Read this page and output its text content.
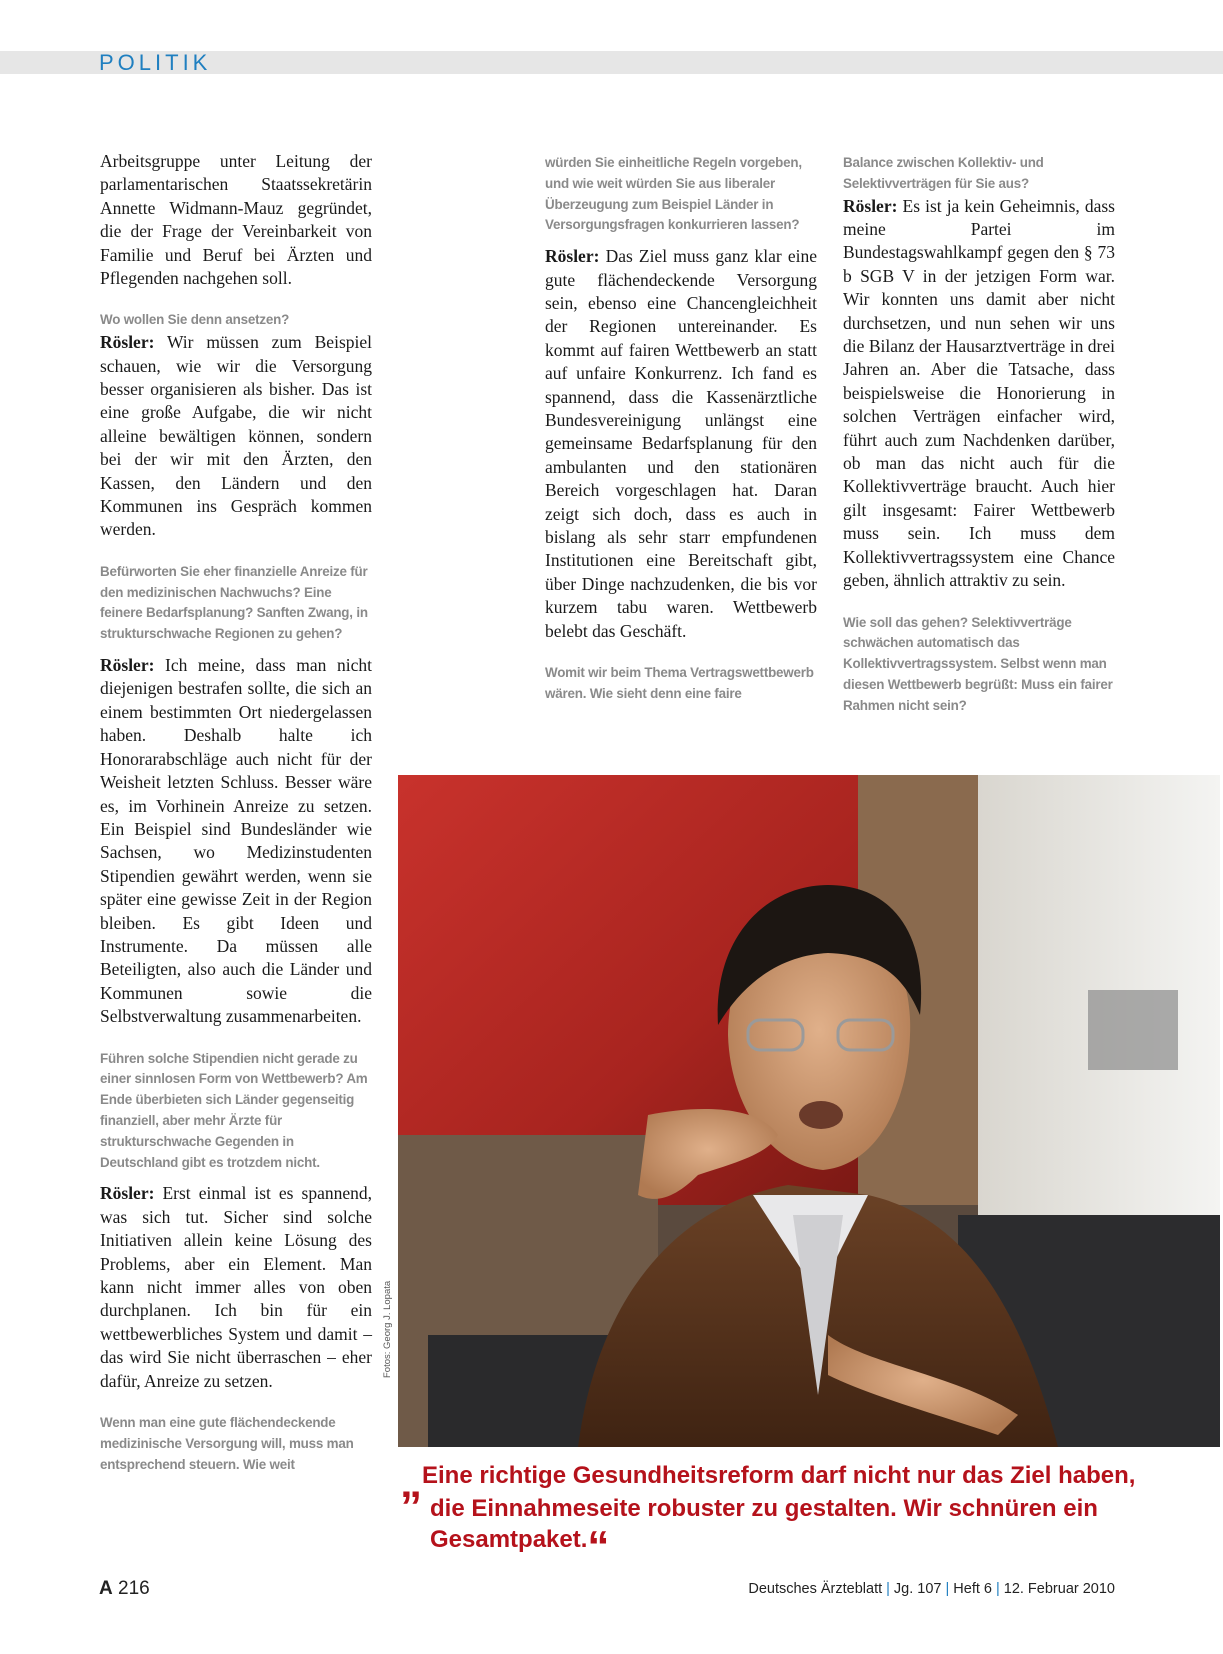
POLITIK

Arbeitsgruppe unter Leitung der parlamentarischen Staatssekretärin Annette Widmann-Mauz gegründet, die der Frage der Vereinbarkeit von Familie und Beruf bei Ärzten und Pflegenden nachgehen soll.

Wo wollen Sie denn ansetzen?

Rösler: Wir müssen zum Beispiel schauen, wie wir die Versorgung besser organisieren als bisher. Das ist eine große Aufgabe, die wir nicht alleine bewältigen können, sondern bei der wir mit den Ärzten, den Kassen, den Ländern und den Kommunen ins Gespräch kommen werden.

Befürworten Sie eher finanzielle Anreize für den medizinischen Nachwuchs? Eine feinere Bedarfsplanung? Sanften Zwang, in strukturschwache Regionen zu gehen?

Rösler: Ich meine, dass man nicht diejenigen bestrafen sollte, die sich an einem bestimmten Ort niedergelassen haben. Deshalb halte ich Honorarabschläge auch nicht für der Weisheit letzten Schluss. Besser wäre es, im Vorhinein Anreize zu setzen. Ein Beispiel sind Bundesländer wie Sachsen, wo Medizinstudenten Stipendien gewährt werden, wenn sie später eine gewisse Zeit in der Region bleiben. Es gibt Ideen und Instrumente. Da müssen alle Beteiligten, also auch die Länder und Kommunen sowie die Selbstverwaltung zusammenarbeiten.

Führen solche Stipendien nicht gerade zu einer sinnlosen Form von Wettbewerb? Am Ende überbieten sich Länder gegenseitig finanziell, aber mehr Ärzte für strukturschwache Gegenden in Deutschland gibt es trotzdem nicht.

Rösler: Erst einmal ist es spannend, was sich tut. Sicher sind solche Initiativen allein keine Lösung des Problems, aber ein Element. Man kann nicht immer alles von oben durchplanen. Ich bin für ein wettbewerbliches System und damit – das wird Sie nicht überraschen – eher dafür, Anreize zu setzen.

Wenn man eine gute flächendeckende medizinische Versorgung will, muss man entsprechend steuern. Wie weit

würden Sie einheitliche Regeln vorgeben, und wie weit würden Sie aus liberaler Überzeugung zum Beispiel Länder in Versorgungsfragen konkurrieren lassen?

Rösler: Das Ziel muss ganz klar eine gute flächendeckende Versorgung sein, ebenso eine Chancengleichheit der Regionen untereinander. Es kommt auf fairen Wettbewerb an statt auf unfaire Konkurrenz. Ich fand es spannend, dass die Kassenärztliche Bundesvereinigung unlängst eine gemeinsame Bedarfsplanung für den ambulanten und den stationären Bereich vorgeschlagen hat. Daran zeigt sich doch, dass es auch in bislang als sehr starr empfundenen Institutionen eine Bereitschaft gibt, über Dinge nachzudenken, die bis vor kurzem tabu waren. Wettbewerb belebt das Geschäft.

Womit wir beim Thema Vertragswettbewerb wären. Wie sieht denn eine faire

Balance zwischen Kollektiv- und Selektivverträgen für Sie aus?

Rösler: Es ist ja kein Geheimnis, dass meine Partei im Bundestagswahlkampf gegen den § 73 b SGB V in der jetzigen Form war. Wir konnten uns damit aber nicht durchsetzen, und nun sehen wir uns die Bilanz der Hausarztverträge in drei Jahren an. Aber die Tatsache, dass beispielsweise die Honorierung in solchen Verträgen einfacher wird, führt auch zum Nachdenken darüber, ob man das nicht auch für die Kollektivverträge braucht. Auch hier gilt insgesamt: Fairer Wettbewerb muss sein. Ich muss dem Kollektivvertragssystem eine Chance geben, ähnlich attraktiv zu sein.

Wie soll das gehen? Selektivverträge schwächen automatisch das Kollektivvertragssystem. Selbst wenn man diesen Wettbewerb begrüßt: Muss ein fairer Rahmen nicht sein?

Fotos: Georg J. Lopata
„Eine richtige Gesundheitsreform darf nicht nur das Ziel haben, die Einnahmeseite robuster zu gestalten. Wir schnüren ein Gesamtpaket.“
A 216	Deutsches Ärzteblatt | Jg. 107 | Heft 6 | 12. Februar 2010
